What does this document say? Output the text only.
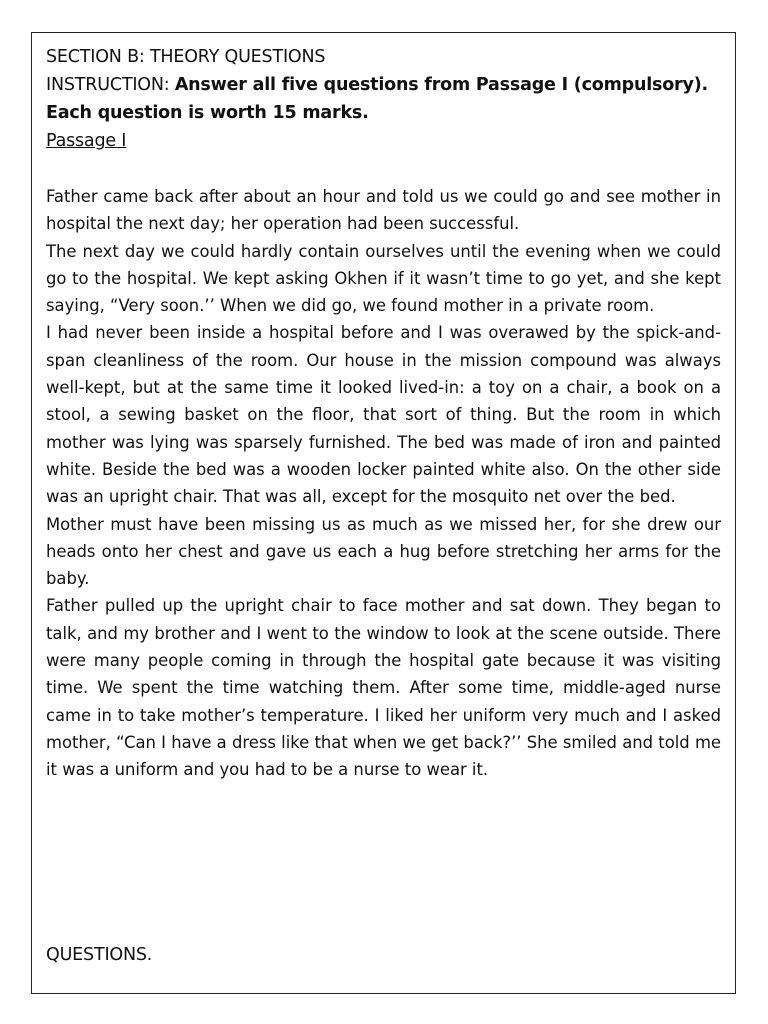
SECTION B: THEORY QUESTIONS
INSTRUCTION: Answer all five questions from Passage I (compulsory).
Each question is worth 15 marks.
Passage I

Father came back after about an hour and told us we could go and see mother in hospital the next day; her operation had been successful.

The next day we could hardly contain ourselves until the evening when we could go to the hospital. We kept asking Okhen if it wasn’t time to go yet, and she kept saying, “Very soon.’’ When we did go, we found mother in a private room.

I had never been inside a hospital before and I was overawed by the spick-and-span cleanliness of the room. Our house in the mission compound was always well-kept, but at the same time it looked lived-in: a toy on a chair, a book on a stool, a sewing basket on the floor, that sort of thing. But the room in which mother was lying was sparsely furnished. The bed was made of iron and painted white. Beside the bed was a wooden locker painted white also. On the other side was an upright chair. That was all, except for the mosquito net over the bed.

Mother must have been missing us as much as we missed her, for she drew our heads onto her chest and gave us each a hug before stretching her arms for the baby.

Father pulled up the upright chair to face mother and sat down. They began to talk, and my brother and I went to the window to look at the scene outside. There were many people coming in through the hospital gate because it was visiting time. We spent the time watching them. After some time, middle-aged nurse came in to take mother’s temperature. I liked her uniform very much and I asked mother, “Can I have a dress like that when we get back?’’ She smiled and told me it was a uniform and you had to be a nurse to wear it.

QUESTIONS.
